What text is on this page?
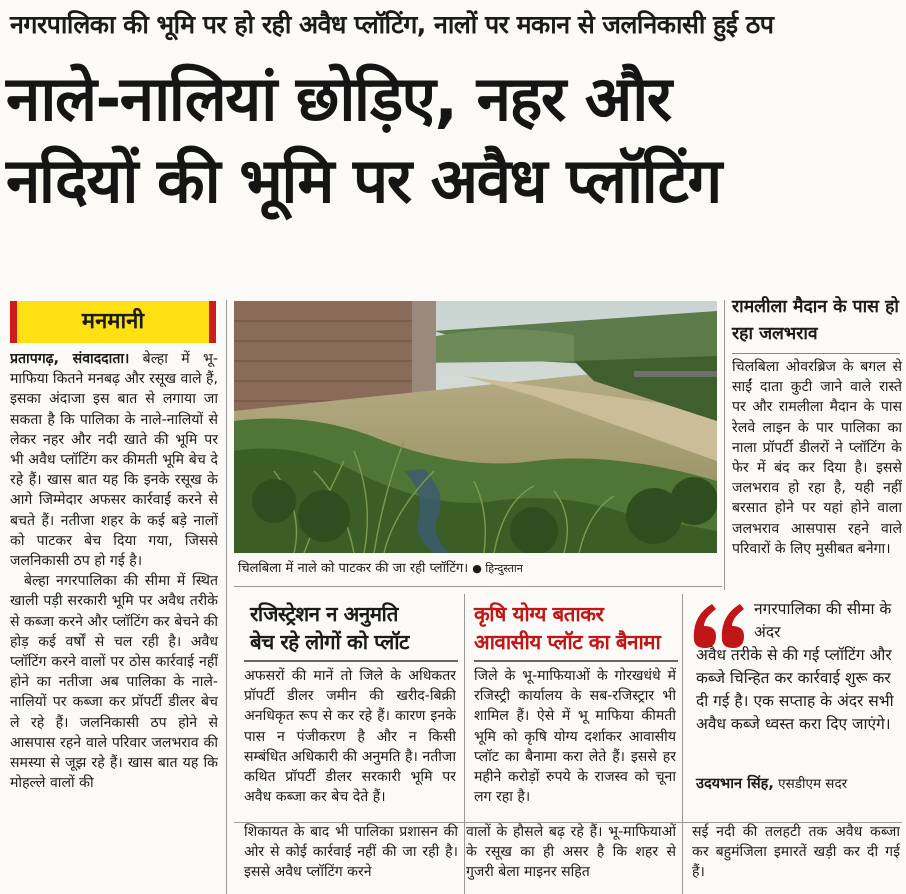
नगरपालिका की भूमि पर हो रही अवैध प्लॉटिंग, नालों पर मकान से जलनिकासी हुई ठप
नाले-नालियां छोड़िए, नहर और
नदियों की भूमि पर अवैध प्लॉटिंग
मनमानी

प्रतापगढ़, संवाददाता। बेल्हा में भू-माफिया कितने मनबढ़ और रसूख वाले हैं, इसका अंदाजा इस बात से लगाया जा सकता है कि पालिका के नाले-नालियों से लेकर नहर और नदी खाते की भूमि पर भी अवैध प्लॉटिंग कर कीमती भूमि बेच दे रहे हैं। खास बात यह कि इनके रसूख के आगे जिम्मेदार अफसर कार्रवाई करने से बचते हैं। नतीजा शहर के कई बड़े नालों को पाटकर बेच दिया गया, जिससे जलनिकासी ठप हो गई है।

बेल्हा नगरपालिका की सीमा में स्थित खाली पड़ी सरकारी भूमि पर अवैध तरीके से कब्जा करने और प्लॉटिंग कर बेचने की होड़ कई वर्षों से चल रही है। अवैध प्लॉटिंग करने वालों पर ठोस कार्रवाई नहीं होने का नतीजा अब पालिका के नाले-नालियों पर कब्जा कर प्रॉपर्टी डीलर बेच ले रहे हैं। जलनिकासी ठप होने से आसपास रहने वाले परिवार जलभराव की समस्या से जूझ रहे हैं। खास बात यह कि मोहल्ले वालों की

चिलबिला में नाले को पाटकर की जा रही प्लॉटिंग। ● हिन्दुस्तान
रामलीला मैदान के पास हो रहा जलभराव
चिलबिला ओवरब्रिज के बगल से साईं दाता कुटी जाने वाले रास्ते पर और रामलीला मैदान के पास रेलवे लाइन के पार पालिका का नाला प्रॉपर्टी डीलरों ने प्लॉटिंग के फेर में बंद कर दिया है। इससे जलभराव हो रहा है, यही नहीं बरसात होने पर यहां होने वाला जलभराव आसपास रहने वाले परिवारों के लिए मुसीबत बनेगा।
रजिस्ट्रेशन न अनुमति
बेच रहे लोगों को प्लॉट
अफसरों की मानें तो जिले के अधिकतर प्रॉपर्टी डीलर जमीन की खरीद-बिक्री अनधिकृत रूप से कर रहे हैं। कारण इनके पास न पंजीकरण है और न किसी सम्बंधित अधिकारी की अनुमति है। नतीजा कथित प्रॉपर्टी डीलर सरकारी भूमि पर अवैध कब्जा कर बेच देते हैं।
कृषि योग्य बताकर
आवासीय प्लॉट का बैनामा
जिले के भू-माफियाओं के गोरखधंधे में रजिस्ट्री कार्यालय के सब-रजिस्ट्रार भी शामिल हैं। ऐसे में भू माफिया कीमती भूमि को कृषि योग्य दर्शाकर आवासीय प्लॉट का बैनामा करा लेते हैं। इससे हर महीने करोड़ों रुपये के राजस्व को चूना लग रहा है।
नगरपालिका की सीमा के अंदर
अवैध तरीके से की गई प्लॉटिंग और कब्जे चिन्हित कर कार्रवाई शुरू कर दी गई है। एक सप्ताह के अंदर सभी अवैध कब्जे ध्वस्त करा दिए जाएंगे।
उदयभान सिंह, एसडीएम सदर
शिकायत के बाद भी पालिका प्रशासन की ओर से कोई कार्रवाई नहीं की जा रही है। इससे अवैध प्लॉटिंग करने
वालों के हौसले बढ़ रहे हैं। भू-माफियाओं के रसूख का ही असर है कि शहर से गुजरी बेला माइनर सहित
सई नदी की तलहटी तक अवैध कब्जा कर बहुमंजिला इमारतें खड़ी कर दी गई हैं।
